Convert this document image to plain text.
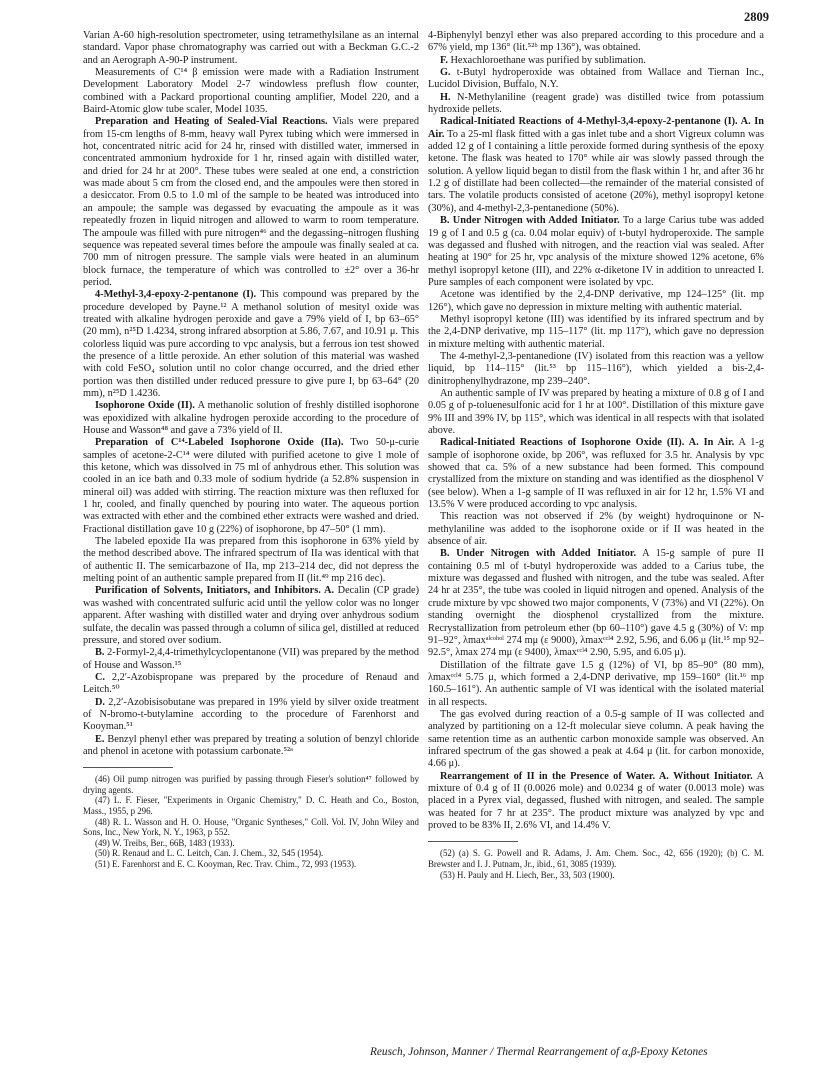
2809

Varian A-60 high-resolution spectrometer, using tetramethylsilane as an internal standard. Vapor phase chromatography was carried out with a Beckman G.C.-2 and an Aerograph A-90-P instrument.

Measurements of C¹⁴ β emission were made with a Radiation Instrument Development Laboratory Model 2-7 windowless preflush flow counter, combined with a Packard proportional counting amplifier, Model 220, and a Baird-Atomic glow tube scaler, Model 1035.

Preparation and Heating of Sealed-Vial Reactions. Vials were prepared from 15-cm lengths of 8-mm, heavy wall Pyrex tubing which were immersed in hot, concentrated nitric acid for 24 hr, rinsed with distilled water, immersed in concentrated ammonium hydroxide for 1 hr, rinsed again with distilled water, and dried for 24 hr at 200°. These tubes were sealed at one end, a constriction was made about 5 cm from the closed end, and the ampoules were then stored in a desiccator. From 0.5 to 1.0 ml of the sample to be heated was introduced into an ampoule; the sample was degassed by evacuating the ampoule as it was repeatedly frozen in liquid nitrogen and allowed to warm to room temperature. The ampoule was filled with pure nitrogen⁴⁶ and the degassing–nitrogen flushing sequence was repeated several times before the ampoule was finally sealed at ca. 700 mm of nitrogen pressure. The sample vials were heated in an aluminum block furnace, the temperature of which was controlled to ±2° over a 36-hr period.

4-Methyl-3,4-epoxy-2-pentanone (I). This compound was prepared by the procedure developed by Payne.¹² A methanol solution of mesityl oxide was treated with alkaline hydrogen peroxide and gave a 79% yield of I, bp 63–65° (20 mm), n²⁵D 1.4234, strong infrared absorption at 5.86, 7.67, and 10.91 μ. This colorless liquid was pure according to vpc analysis, but a ferrous ion test showed the presence of a little peroxide. An ether solution of this material was washed with cold FeSO₄ solution until no color change occurred, and the dried ether portion was then distilled under reduced pressure to give pure I, bp 63–64° (20 mm), n²⁵D 1.4236.

Isophorone Oxide (II). A methanolic solution of freshly distilled isophorone was epoxidized with alkaline hydrogen peroxide according to the procedure of House and Wasson⁴⁸ and gave a 73% yield of II.

Preparation of C¹⁴-Labeled Isophorone Oxide (IIa). Two 50-μ-curie samples of acetone-2-C¹⁴ were diluted with purified acetone to give 1 mole of this ketone, which was dissolved in 75 ml of anhydrous ether. This solution was cooled in an ice bath and 0.33 mole of sodium hydride (a 52.8% suspension in mineral oil) was added with stirring. The reaction mixture was then refluxed for 1 hr, cooled, and finally quenched by pouring into water. The aqueous portion was extracted with ether and the combined ether extracts were washed and dried. Fractional distillation gave 10 g (22%) of isophorone, bp 47–50° (1 mm).

The labeled epoxide IIa was prepared from this isophorone in 63% yield by the method described above. The infrared spectrum of IIa was identical with that of authentic II. The semicarbazone of IIa, mp 213–214 dec, did not depress the melting point of an authentic sample prepared from II (lit.⁴⁹ mp 216 dec).

Purification of Solvents, Initiators, and Inhibitors. A. Decalin (CP grade) was washed with concentrated sulfuric acid until the yellow color was no longer apparent. After washing with distilled water and drying over anhydrous sodium sulfate, the decalin was passed through a column of silica gel, distilled at reduced pressure, and stored over sodium.

B. 2-Formyl-2,4,4-trimethylcyclopentanone (VII) was prepared by the method of House and Wasson.¹⁵

C. 2,2′-Azobispropane was prepared by the procedure of Renaud and Leitch.⁵⁰

D. 2,2′-Azobisisobutane was prepared in 19% yield by silver oxide treatment of N-bromo-t-butylamine according to the procedure of Farenhorst and Kooyman.⁵¹

E. Benzyl phenyl ether was prepared by treating a solution of benzyl chloride and phenol in acetone with potassium carbonate.⁵²ᵃ

(46) Oil pump nitrogen was purified by passing through Fieser's solution⁴⁷ followed by drying agents.

(47) L. F. Fieser, "Experiments in Organic Chemistry," D. C. Heath and Co., Boston, Mass., 1955, p 296.

(48) R. L. Wasson and H. O. House, "Organic Syntheses," Coll. Vol. IV, John Wiley and Sons, Inc., New York, N. Y., 1963, p 552.

(49) W. Treibs, Ber., 66B, 1483 (1933).

(50) R. Renaud and L. C. Leitch, Can. J. Chem., 32, 545 (1954).

(51) E. Farenhorst and E. C. Kooyman, Rec. Trav. Chim., 72, 993 (1953).

4-Biphenylyl benzyl ether was also prepared according to this procedure and a 67% yield, mp 136° (lit.⁵²ᵇ mp 136°), was obtained.

F. Hexachloroethane was purified by sublimation.

G. t-Butyl hydroperoxide was obtained from Wallace and Tiernan Inc., Lucidol Division, Buffalo, N.Y.

H. N-Methylaniline (reagent grade) was distilled twice from potassium hydroxide pellets.

Radical-Initiated Reactions of 4-Methyl-3,4-epoxy-2-pentanone (I). A. In Air. To a 25-ml flask fitted with a gas inlet tube and a short Vigreux column was added 12 g of I containing a little peroxide formed during synthesis of the epoxy ketone. The flask was heated to 170° while air was slowly passed through the solution. A yellow liquid began to distil from the flask within 1 hr, and after 36 hr 1.2 g of distillate had been collected—the remainder of the material consisted of tars. The volatile products consisted of acetone (20%), methyl isopropyl ketone (30%), and 4-methyl-2,3-pentanedione (50%).

B. Under Nitrogen with Added Initiator. To a large Carius tube was added 19 g of I and 0.5 g (ca. 0.04 molar equiv) of t-butyl hydroperoxide. The sample was degassed and flushed with nitrogen, and the reaction vial was sealed. After heating at 190° for 25 hr, vpc analysis of the mixture showed 12% acetone, 6% methyl isopropyl ketone (III), and 22% α-diketone IV in addition to unreacted I. Pure samples of each component were isolated by vpc.

Acetone was identified by the 2,4-DNP derivative, mp 124–125° (lit. mp 126°), which gave no depression in mixture melting with authentic material.

Methyl isopropyl ketone (III) was identified by its infrared spectrum and by the 2,4-DNP derivative, mp 115–117° (lit. mp 117°), which gave no depression in mixture melting with authentic material.

The 4-methyl-2,3-pentanedione (IV) isolated from this reaction was a yellow liquid, bp 114–115° (lit.⁵³ bp 115–116°), which yielded a bis-2,4-dinitrophenylhydrazone, mp 239–240°.

An authentic sample of IV was prepared by heating a mixture of 0.8 g of I and 0.05 g of p-toluenesulfonic acid for 1 hr at 100°. Distillation of this mixture gave 9% III and 39% IV, bp 115°, which was identical in all respects with that isolated above.

Radical-Initiated Reactions of Isophorone Oxide (II). A. In Air. A 1-g sample of isophorone oxide, bp 206°, was refluxed for 3.5 hr. Analysis by vpc showed that ca. 5% of a new substance had been formed. This compound crystallized from the mixture on standing and was identified as the diosphenol V (see below). When a 1-g sample of II was refluxed in air for 12 hr, 1.5% VI and 13.5% V were produced according to vpc analysis.

This reaction was not observed if 2% (by weight) hydroquinone or N-methylaniline was added to the isophorone oxide or if II was heated in the absence of air.

B. Under Nitrogen with Added Initiator. A 15-g sample of pure II containing 0.5 ml of t-butyl hydroperoxide was added to a Carius tube, the mixture was degassed and flushed with nitrogen, and the tube was sealed. After 24 hr at 235°, the tube was cooled in liquid nitrogen and opened. Analysis of the crude mixture by vpc showed two major components, V (73%) and VI (22%). On standing overnight the diosphenol crystallized from the mixture. Recrystallization from petroleum ether (bp 60–110°) gave 4.5 g (30%) of V: mp 91–92°, λmaxᵃˡᶜᵒʰᵒˡ 274 mμ (ε 9000), λmaxᶜᶜˡ⁴ 2.92, 5.96, and 6.06 μ (lit.¹⁵ mp 92–92.5°, λmax 274 mμ (ε 9400), λmaxᶜᶜˡ⁴ 2.90, 5.95, and 6.05 μ).

Distillation of the filtrate gave 1.5 g (12%) of VI, bp 85–90° (80 mm), λmaxᶜᶜˡ⁴ 5.75 μ, which formed a 2,4-DNP derivative, mp 159–160° (lit.¹⁶ mp 160.5–161°). An authentic sample of VI was identical with the isolated material in all respects.

The gas evolved during reaction of a 0.5-g sample of II was collected and analyzed by partitioning on a 12-ft molecular sieve column. A peak having the same retention time as an authentic carbon monoxide sample was observed. An infrared spectrum of the gas showed a peak at 4.64 μ (lit. for carbon monoxide, 4.66 μ).

Rearrangement of II in the Presence of Water. A. Without Initiator. A mixture of 0.4 g of II (0.0026 mole) and 0.0234 g of water (0.0013 mole) was placed in a Pyrex vial, degassed, flushed with nitrogen, and sealed. The sample was heated for 7 hr at 235°. The product mixture was analyzed by vpc and proved to be 83% II, 2.6% VI, and 14.4% V.

(52) (a) S. G. Powell and R. Adams, J. Am. Chem. Soc., 42, 656 (1920); (b) C. M. Brewster and I. J. Putnam, Jr., ibid., 61, 3085 (1939).

(53) H. Pauly and H. Liech, Ber., 33, 503 (1900).

Reusch, Johnson, Manner / Thermal Rearrangement of α,β-Epoxy Ketones
